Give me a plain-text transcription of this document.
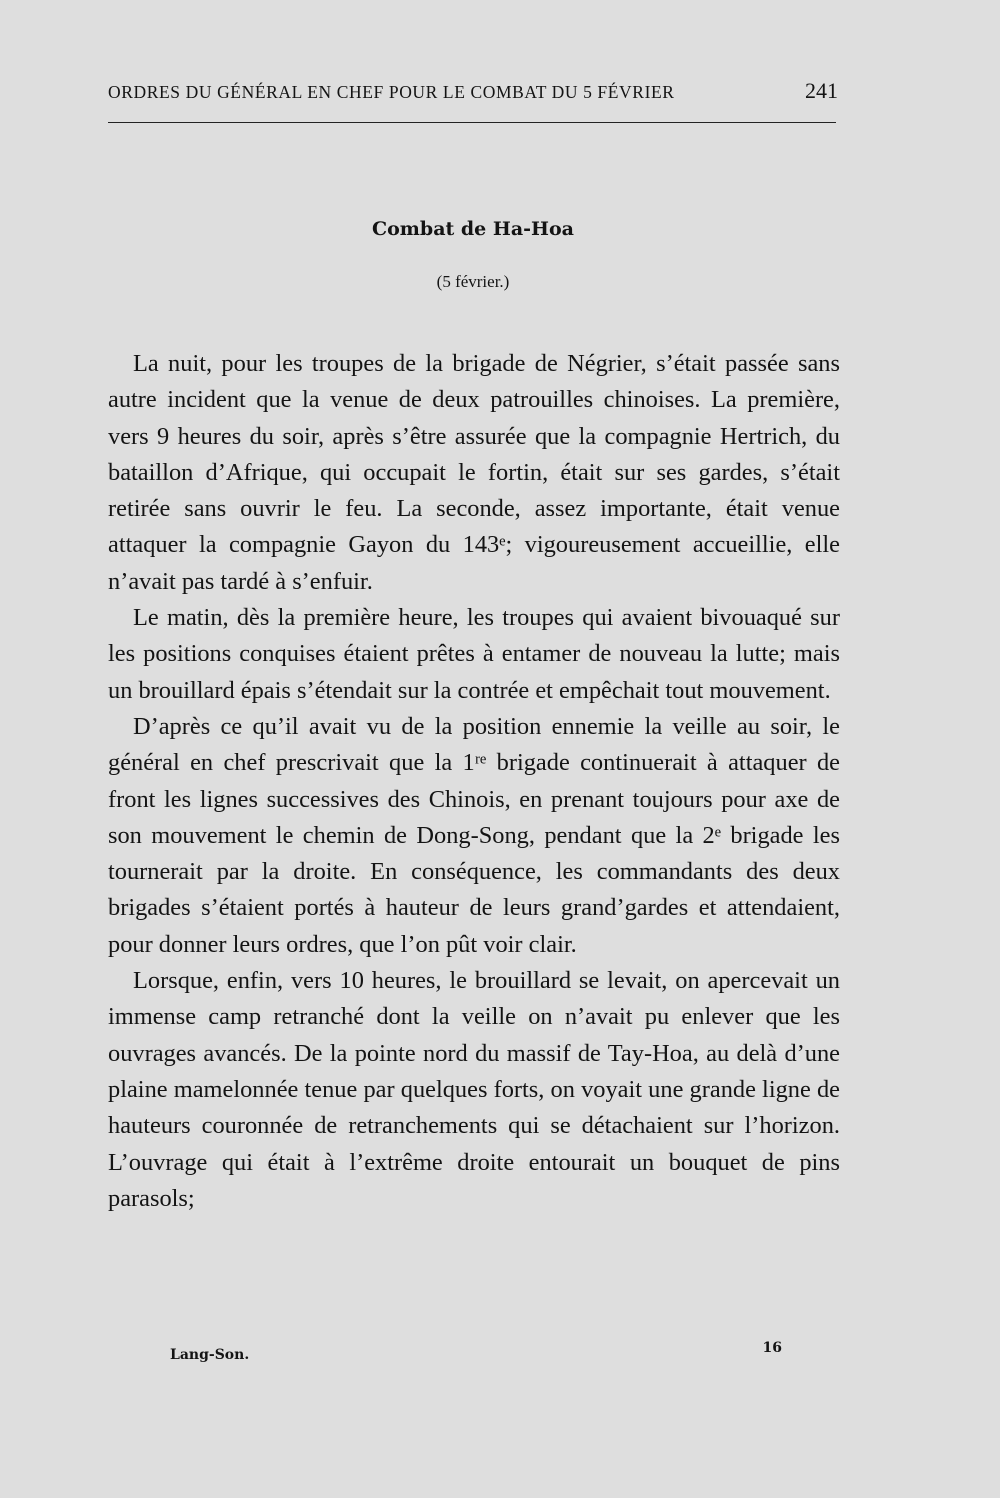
ORDRES DU GÉNÉRAL EN CHEF POUR LE COMBAT DU 5 FÉVRIER	241
Combat de Ha-Hoa
(5 février.)

La nuit, pour les troupes de la brigade de Négrier, s’était passée sans autre incident que la venue de deux patrouilles chinoises. La première, vers 9 heures du soir, après s’être assurée que la compagnie Hertrich, du bataillon d’Afrique, qui occupait le fortin, était sur ses gardes, s’était retirée sans ouvrir le feu. La seconde, assez importante, était venue attaquer la compagnie Gayon du 143ᵉ; vigoureusement accueillie, elle n’avait pas tardé à s’enfuir.

Le matin, dès la première heure, les troupes qui avaient bivouaqué sur les positions conquises étaient prêtes à entamer de nouveau la lutte; mais un brouillard épais s’étendait sur la contrée et empêchait tout mouvement.

D’après ce qu’il avait vu de la position ennemie la veille au soir, le général en chef prescrivait que la 1ʳᵉ brigade continuerait à attaquer de front les lignes successives des Chinois, en prenant toujours pour axe de son mouvement le chemin de Dong-Song, pendant que la 2ᵉ brigade les tournerait par la droite. En conséquence, les commandants des deux brigades s’étaient portés à hauteur de leurs grand’gardes et attendaient, pour donner leurs ordres, que l’on pût voir clair.

Lorsque, enfin, vers 10 heures, le brouillard se levait, on apercevait un immense camp retranché dont la veille on n’avait pu enlever que les ouvrages avancés. De la pointe nord du massif de Tay-Hoa, au delà d’une plaine mamelonnée tenue par quelques forts, on voyait une grande ligne de hauteurs couronnée de retranchements qui se détachaient sur l’horizon. L’ouvrage qui était à l’extrême droite entourait un bouquet de pins parasols;

Lang-Son.	16
